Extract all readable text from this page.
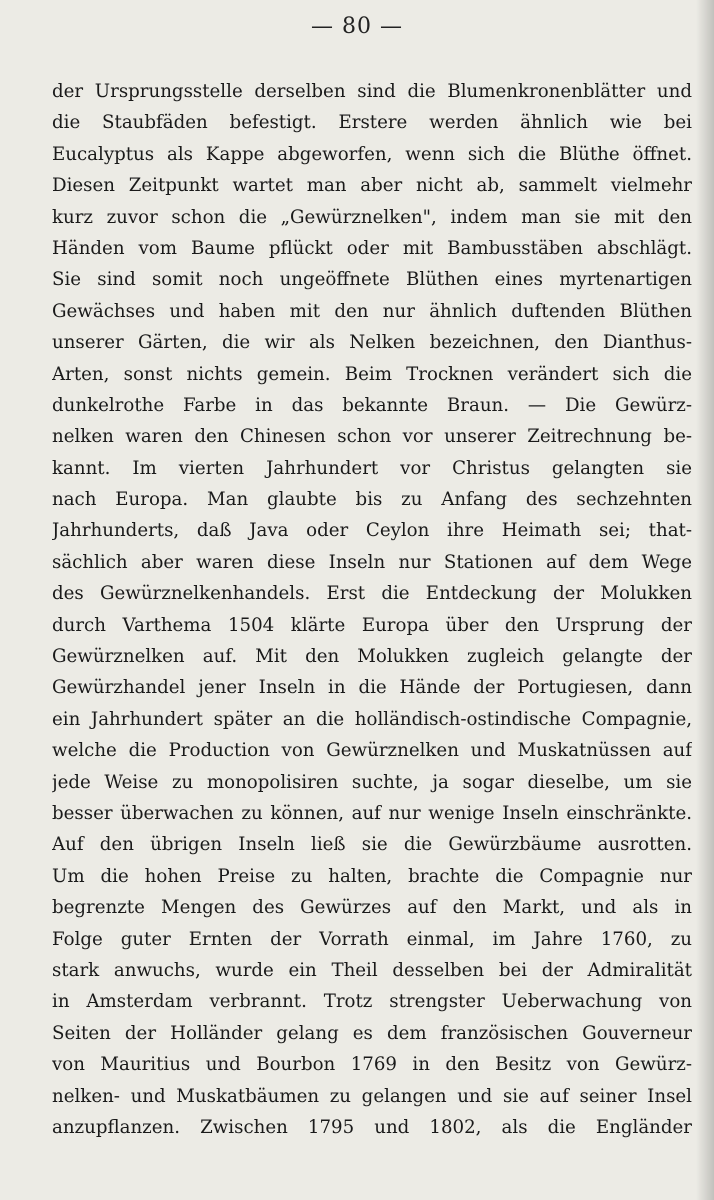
— 80 —
der Ursprungsstelle derselben sind die Blumenkronenblätter und
die Staubfäden befestigt. Erstere werden ähnlich wie bei
Eucalyptus als Kappe abgeworfen, wenn sich die Blüthe öffnet.
Diesen Zeitpunkt wartet man aber nicht ab, sammelt vielmehr
kurz zuvor schon die „Gewürznelken", indem man sie mit den
Händen vom Baume pflückt oder mit Bambusstäben abschlägt.
Sie sind somit noch ungeöffnete Blüthen eines myrtenartigen
Gewächses und haben mit den nur ähnlich duftenden Blüthen
unserer Gärten, die wir als Nelken bezeichnen, den Dianthus-
Arten, sonst nichts gemein. Beim Trocknen verändert sich die
dunkelrothe Farbe in das bekannte Braun. — Die Gewürz-
nelken waren den Chinesen schon vor unserer Zeitrechnung be-
kannt. Im vierten Jahrhundert vor Christus gelangten sie
nach Europa. Man glaubte bis zu Anfang des sechzehnten
Jahrhunderts, daß Java oder Ceylon ihre Heimath sei; that-
sächlich aber waren diese Inseln nur Stationen auf dem Wege
des Gewürznelkenhandels. Erst die Entdeckung der Molukken
durch Varthema 1504 klärte Europa über den Ursprung der
Gewürznelken auf. Mit den Molukken zugleich gelangte der
Gewürzhandel jener Inseln in die Hände der Portugiesen, dann
ein Jahrhundert später an die holländisch-ostindische Compagnie,
welche die Production von Gewürznelken und Muskatnüssen auf
jede Weise zu monopolisiren suchte, ja sogar dieselbe, um sie
besser überwachen zu können, auf nur wenige Inseln einschränkte.
Auf den übrigen Inseln ließ sie die Gewürzbäume ausrotten.
Um die hohen Preise zu halten, brachte die Compagnie nur
begrenzte Mengen des Gewürzes auf den Markt, und als in
Folge guter Ernten der Vorrath einmal, im Jahre 1760, zu
stark anwuchs, wurde ein Theil desselben bei der Admiralität
in Amsterdam verbrannt. Trotz strengster Ueberwachung von
Seiten der Holländer gelang es dem französischen Gouverneur
von Mauritius und Bourbon 1769 in den Besitz von Gewürz-
nelken- und Muskatbäumen zu gelangen und sie auf seiner Insel
anzupflanzen. Zwischen 1795 und 1802, als die Engländer
